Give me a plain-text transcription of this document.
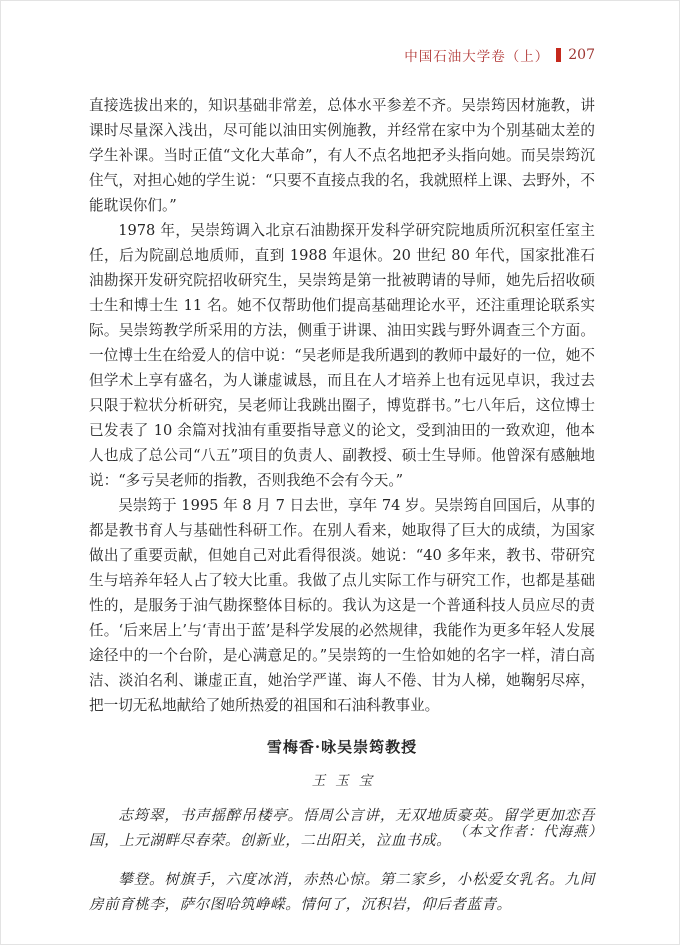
中国石油大学卷（上） 207

直接选拔出来的，知识基础非常差，总体水平参差不齐。吴崇筠因材施教，讲课时尽量深入浅出，尽可能以油田实例施教，并经常在家中为个别基础太差的学生补课。当时正值“文化大革命”，有人不点名地把矛头指向她。而吴崇筠沉住气，对担心她的学生说：“只要不直接点我的名，我就照样上课、去野外，不能耽误你们。”

1978 年，吴崇筠调入北京石油勘探开发科学研究院地质所沉积室任室主任，后为院副总地质师，直到 1988 年退休。20 世纪 80 年代，国家批准石油勘探开发研究院招收研究生，吴崇筠是第一批被聘请的导师，她先后招收硕士生和博士生 11 名。她不仅帮助他们提高基础理论水平，还注重理论联系实际。吴崇筠教学所采用的方法，侧重于讲课、油田实践与野外调查三个方面。一位博士生在给爱人的信中说：“吴老师是我所遇到的教师中最好的一位，她不但学术上享有盛名，为人谦虚诚恳，而且在人才培养上也有远见卓识，我过去只限于粒状分析研究，吴老师让我跳出圈子，博览群书。”七八年后，这位博士已发表了 10 余篇对找油有重要指导意义的论文，受到油田的一致欢迎，他本人也成了总公司“八五”项目的负责人、副教授、硕士生导师。他曾深有感触地说：“多亏吴老师的指教，否则我绝不会有今天。”

吴崇筠于 1995 年 8 月 7 日去世，享年 74 岁。吴崇筠自回国后，从事的都是教书育人与基础性科研工作。在别人看来，她取得了巨大的成绩，为国家做出了重要贡献，但她自己对此看得很淡。她说：“40 多年来，教书、带研究生与培养年轻人占了较大比重。我做了点儿实际工作与研究工作，也都是基础性的，是服务于油气勘探整体目标的。我认为这是一个普通科技人员应尽的责任。‘后来居上’与‘青出于蓝’是科学发展的必然规律，我能作为更多年轻人发展途径中的一个台阶，是心满意足的。”吴崇筠的一生恰如她的名字一样，清白高洁、淡泊名利、谦虚正直，她治学严谨、诲人不倦、甘为人梯，她鞠躬尽瘁，把一切无私地献给了她所热爱的祖国和石油科教事业。

雪梅香·咏吴崇筠教授

王玉宝

志筠翠，书声摇醉吊楼亭。悟周公言讲，无双地质豪英。留学更加恋吾国，上元湖畔尽春荣。创新业，二出阳关，泣血书成。

攀登。树旗手，六度冰消，赤热心惊。第二家乡，小松爱女乳名。九间房前育桃李，萨尔图哈筑峥嵘。情何了，沉积岩，仰后者蓝青。

（本文作者：代海燕）
